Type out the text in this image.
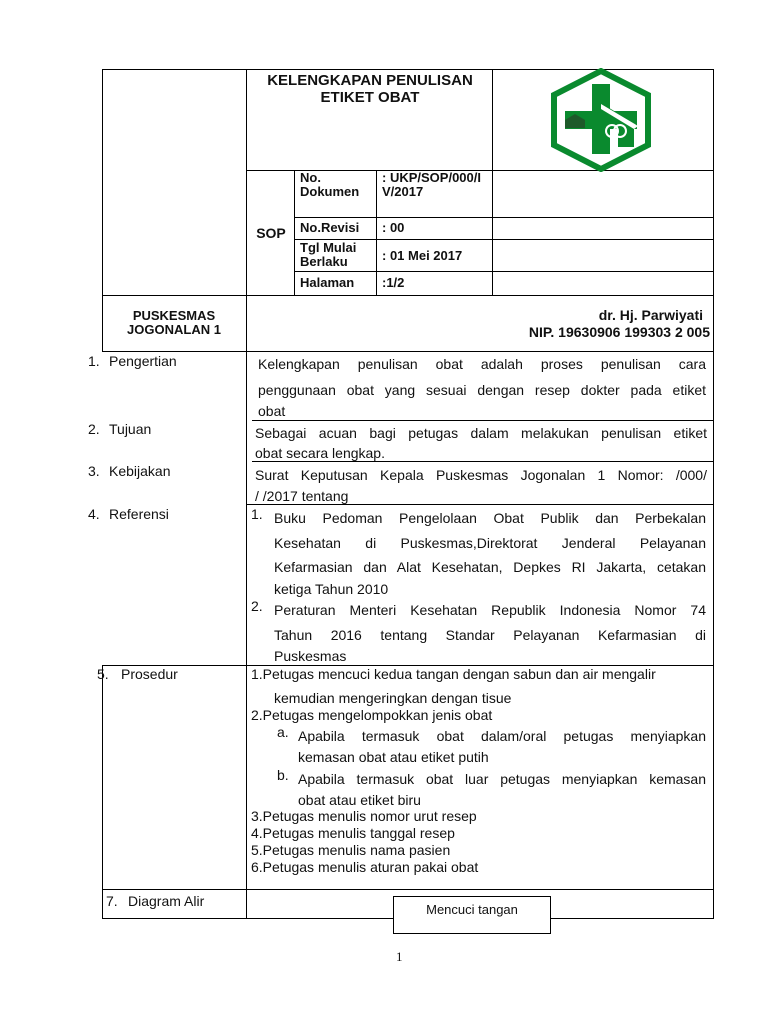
KELENGKAPAN PENULISAN
ETIKET OBAT
SOP
No. Dokumen
: UKP/SOP/000/IV/2017
No.Revisi : 00
Tgl Mulai Berlaku	: 01 Mei 2017
Halaman :1/2
PUSKESMAS
JOGONALAN 1
dr. Hj. Parwiyati
NIP. 19630906 199303 2 005
1. Pengertian	Kelengkapan penulisan obat adalah proses penulisan cara
penggunaan obat yang sesuai dengan resep dokter pada etiket
obat
2. Tujuan	Sebagai acuan bagi petugas dalam melakukan penulisan etiket
obat secara lengkap.
3. Kebijakan	Surat Keputusan Kepala Puskesmas Jogonalan 1 Nomor: /000/
/ /2017 tentang
4. Referensi	1. Buku Pedoman Pengelolaan Obat Publik dan Perbekalan
Kesehatan di Puskesmas,Direktorat Jenderal Pelayanan
Kefarmasian dan Alat Kesehatan, Depkes RI Jakarta, cetakan
ketiga Tahun 2010
2. Peraturan Menteri Kesehatan Republik Indonesia Nomor 74
Tahun 2016 tentang Standar Pelayanan Kefarmasian di
Puskesmas
5. Prosedur	1.Petugas mencuci kedua tangan dengan sabun dan air mengalir
kemudian mengeringkan dengan tisue
2.Petugas mengelompokkan jenis obat
a. Apabila termasuk obat dalam/oral petugas menyiapkan
kemasan obat atau etiket putih
b. Apabila termasuk obat luar petugas menyiapkan kemasan
obat atau etiket biru
3.Petugas menulis nomor urut resep
4.Petugas menulis tanggal resep
5.Petugas menulis nama pasien
6.Petugas menulis aturan pakai obat
7. Diagram Alir
Mencuci tangan
1
